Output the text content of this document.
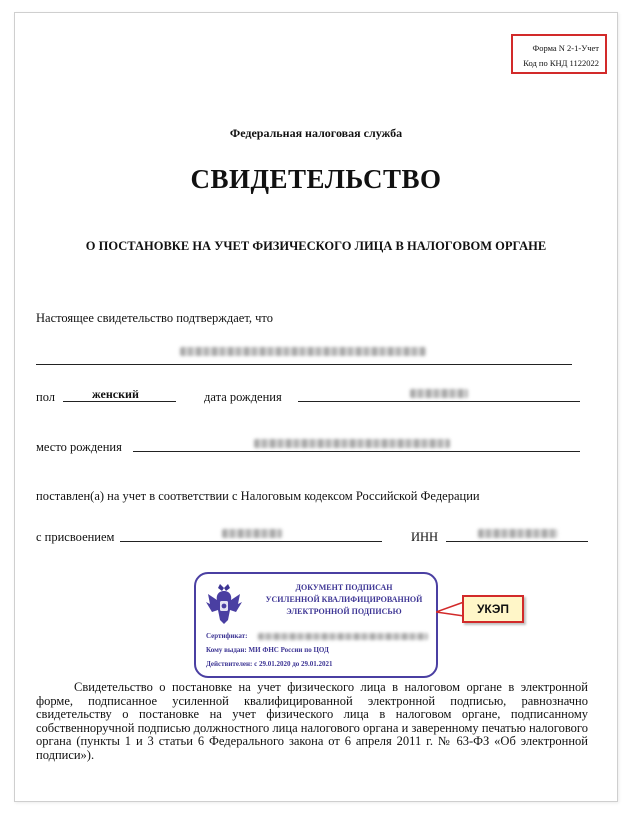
Форма N 2-1-Учет
Код по КНД 1122022
Федеральная налоговая служба
СВИДЕТЕЛЬСТВО
О ПОСТАНОВКЕ НА УЧЕТ ФИЗИЧЕСКОГО ЛИЦА В НАЛОГОВОМ ОРГАНЕ
Настоящее свидетельство подтверждает, что
пол	женский	дата рождения
место рождения
поставлен(а) на учет в соответствии с Налоговым кодексом Российской Федерации
с присвоением	ИНН
ДОКУМЕНТ ПОДПИСАН
УСИЛЕННОЙ КВАЛИФИЦИРОВАННОЙ
ЭЛЕКТРОННОЙ ПОДПИСЬЮ
Сертификат:
Кому выдан: МИ ФНС России по ЦОД
Действителен: с 29.01.2020 до 29.01.2021
УКЭП
Свидетельство о постановке на учет физического лица в налоговом органе в электронной форме, подписанное усиленной квалифицированной электронной подписью, равнозначно свидетельству о постановке на учет физического лица в налоговом органе, подписанному собственноручной подписью должностного лица налогового органа и заверенному печатью налогового органа (пункты 1 и 3 статьи 6 Федерального закона от 6 апреля 2011 г. № 63-ФЗ «Об электронной подписи»).
